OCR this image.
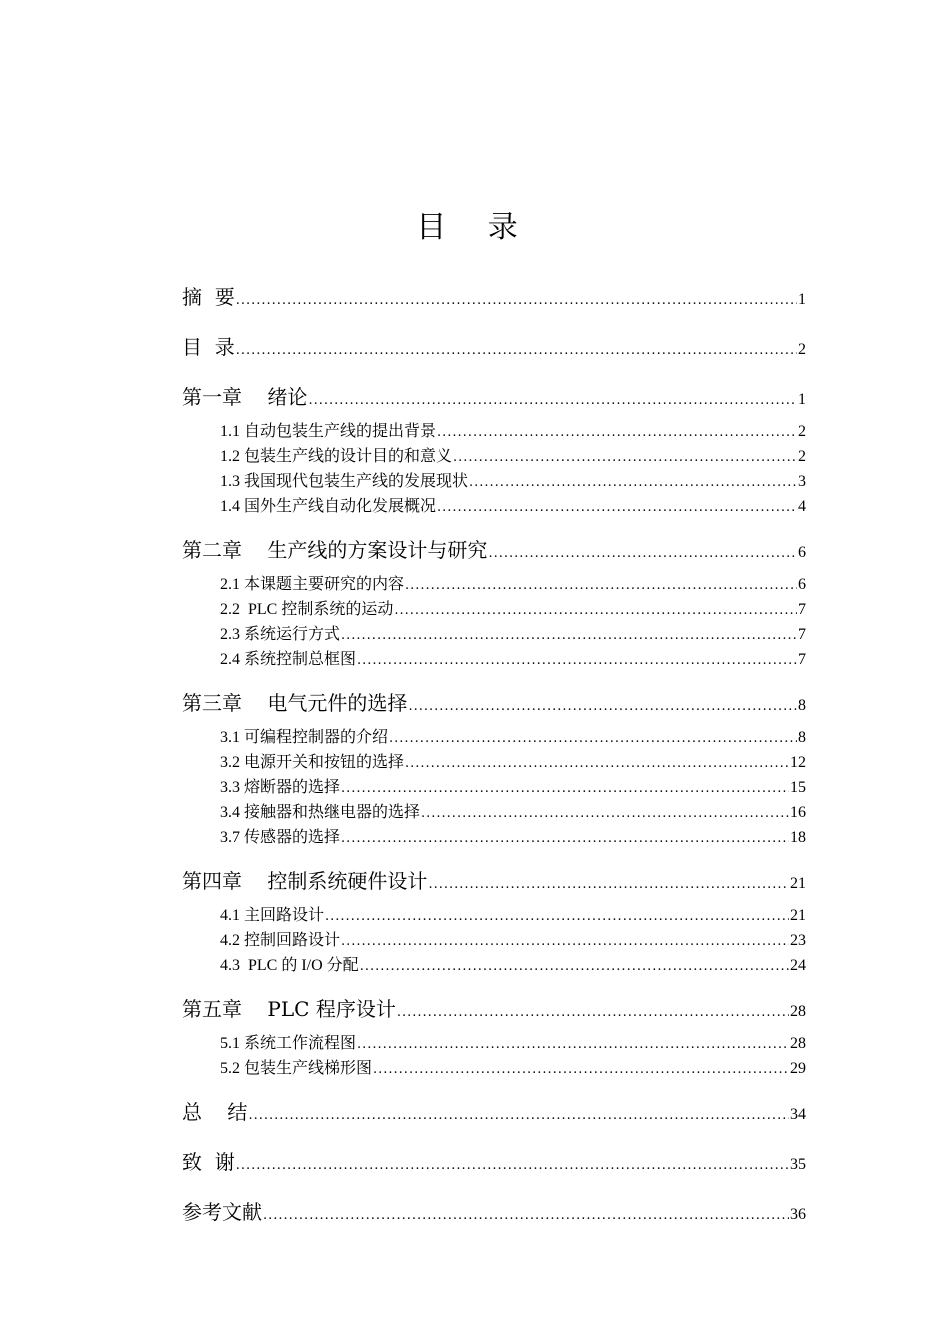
目 录
摘  要 .....	1
目  录 .....	2
第一章    绪论 .....	1
1.1 自动包装生产线的提出背景 .....	2
1.2 包装生产线的设计目的和意义 .....	2
1.3 我国现代包装生产线的发展现状 .....	3
1.4 国外生产线自动化发展概况 .....	4
第二章    生产线的方案设计与研究 .....	6
2.1 本课题主要研究的内容 .....	6
2.2  PLC 控制系统的运动 .....	7
2.3 系统运行方式 .....	7
2.4 系统控制总框图 .....	7
第三章    电气元件的选择 .....	8
3.1 可编程控制器的介绍 .....	8
3.2 电源开关和按钮的选择 .....	12
3.3 熔断器的选择 .....	15
3.4 接触器和热继电器的选择 .....	16
3.7 传感器的选择 .....	18
第四章    控制系统硬件设计 .....	21
4.1 主回路设计 .....	21
4.2 控制回路设计 .....	23
4.3  PLC 的 I/O 分配 .....	24
第五章    PLC 程序设计 .....	28
5.1 系统工作流程图 .....	28
5.2 包装生产线梯形图 .....	29
总    结 .....	34
致  谢 .....	35
参考文献 .....	36
